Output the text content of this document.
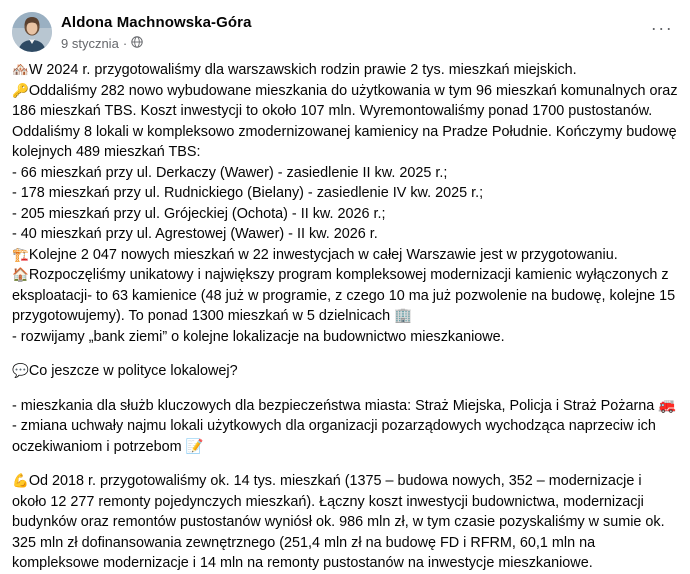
Aldona Machnowska-Góra
9 stycznia ·
···

🏘️W 2024 r. przygotowaliśmy dla warszawskich rodzin prawie 2 tys. mieszkań miejskich.

🔑Oddaliśmy 282 nowo wybudowane mieszkania do użytkowania w tym 96 mieszkań komunalnych oraz 186 mieszkań TBS. Koszt inwestycji to około 107 mln. Wyremontowaliśmy ponad 1700 pustostanów. Oddaliśmy 8 lokali w kompleksowo zmodernizowanej kamienicy na Pradze Południe. Kończymy budowę kolejnych 489 mieszkań TBS:

- 66 mieszkań przy ul. Derkaczy (Wawer) - zasiedlenie II kw. 2025 r.;

- 178 mieszkań przy ul. Rudnickiego (Bielany) - zasiedlenie IV kw. 2025 r.;

- 205 mieszkań przy ul. Grójeckiej (Ochota) - II kw. 2026 r.;

- 40 mieszkań przy ul. Agrestowej (Wawer) - II kw. 2026 r.

🏗️Kolejne 2 047 nowych mieszkań w 22 inwestycjach w całej Warszawie jest w przygotowaniu.

🏠Rozpoczęliśmy unikatowy i największy program kompleksowej modernizacji kamienic wyłączonych z eksploatacji- to 63 kamienice (48 już w programie, z czego 10 ma już pozwolenie na budowę, kolejne 15 przygotowujemy). To ponad 1300 mieszkań w 5 dzielnicach 🏢

- rozwijamy „bank ziemi” o kolejne lokalizacje na budownictwo mieszkaniowe.

💬Co jeszcze w polityce lokalowej?

- mieszkania dla służb kluczowych dla bezpieczeństwa miasta: Straż Miejska, Policja i Straż Pożarna 🚒

- zmiana uchwały najmu lokali użytkowych dla organizacji pozarządowych wychodząca naprzeciw ich oczekiwaniom i potrzebom 📝

💪Od 2018 r. przygotowaliśmy ok. 14 tys. mieszkań (1375 – budowa nowych, 352 – modernizacje i około 12 277 remonty pojedynczych mieszkań). Łączny koszt inwestycji budownictwa, modernizacji budynków oraz remontów pustostanów wyniósł ok. 986 mln zł, w tym czasie pozyskaliśmy w sumie ok. 325 mln zł dofinansowania zewnętrznego (251,4 mln zł na budowę FD i RFRM, 60,1 mln na kompleksowe modernizacje i 14 mln na remonty pustostanów na inwestycje mieszkaniowe.
